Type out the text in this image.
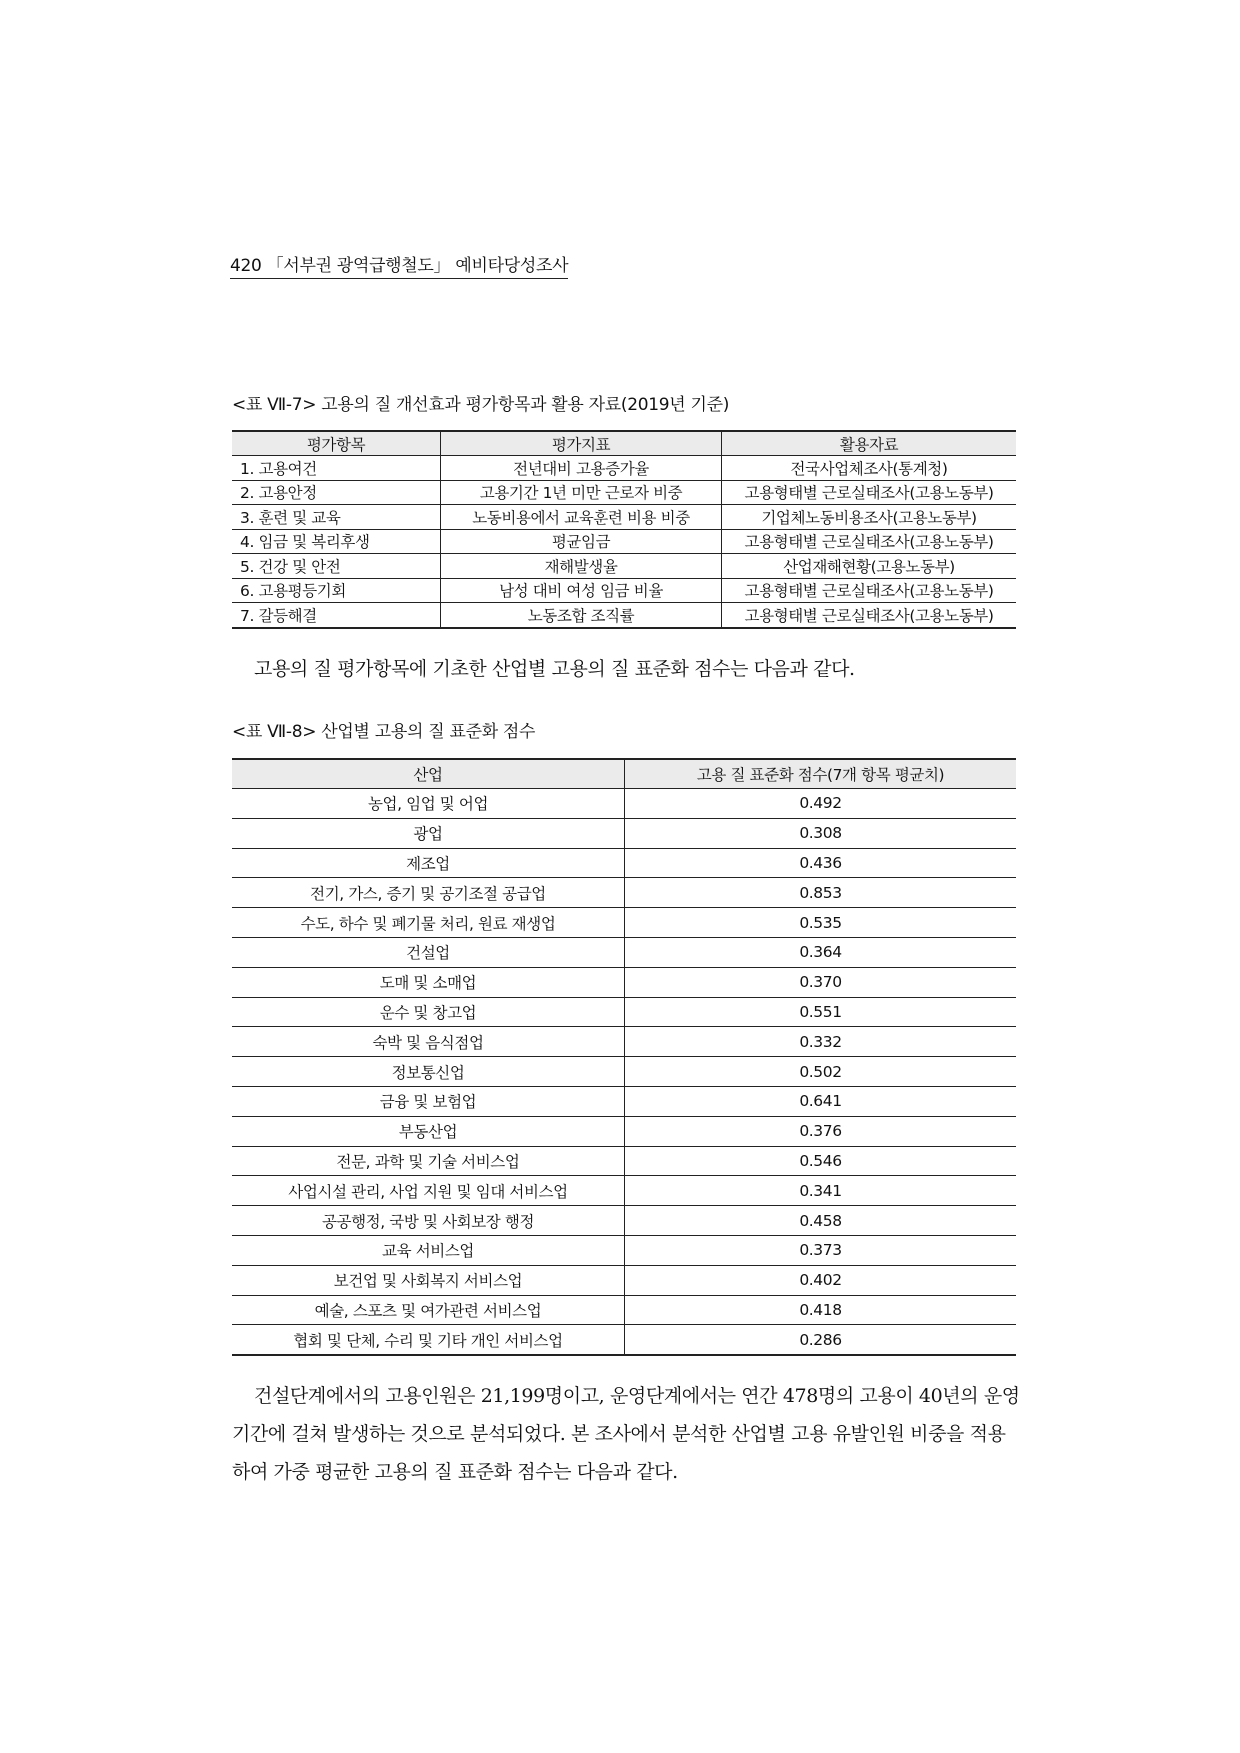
420 「서부권 광역급행철도」 예비타당성조사
<표 Ⅶ-7> 고용의 질 개선효과 평가항목과 활용 자료(2019년 기준)
평가항목	평가지표	활용자료
1. 고용여건	전년대비 고용증가율	전국사업체조사(통계청)
2. 고용안정	고용기간 1년 미만 근로자 비중	고용형태별 근로실태조사(고용노동부)
3. 훈련 및 교육	노동비용에서 교육훈련 비용 비중	기업체노동비용조사(고용노동부)
4. 임금 및 복리후생	평균임금	고용형태별 근로실태조사(고용노동부)
5. 건강 및 안전	재해발생율	산업재해현황(고용노동부)
6. 고용평등기회	남성 대비 여성 임금 비율	고용형태별 근로실태조사(고용노동부)
7. 갈등해결	노동조합 조직률	고용형태별 근로실태조사(고용노동부)
고용의 질 평가항목에 기초한 산업별 고용의 질 표준화 점수는 다음과 같다.
<표 Ⅶ-8> 산업별 고용의 질 표준화 점수
산업	고용 질 표준화 점수(7개 항목 평균치)
농업, 임업 및 어업	0.492
광업	0.308
제조업	0.436
전기, 가스, 증기 및 공기조절 공급업	0.853
수도, 하수 및 폐기물 처리, 원료 재생업	0.535
건설업	0.364
도매 및 소매업	0.370
운수 및 창고업	0.551
숙박 및 음식점업	0.332
정보통신업	0.502
금융 및 보험업	0.641
부동산업	0.376
전문, 과학 및 기술 서비스업	0.546
사업시설 관리, 사업 지원 및 임대 서비스업	0.341
공공행정, 국방 및 사회보장 행정	0.458
교육 서비스업	0.373
보건업 및 사회복지 서비스업	0.402
예술, 스포츠 및 여가관련 서비스업	0.418
협회 및 단체, 수리 및 기타 개인 서비스업	0.286
건설단계에서의 고용인원은 21,199명이고, 운영단계에서는 연간 478명의 고용이 40년의 운영기간에 걸쳐 발생하는 것으로 분석되었다. 본 조사에서 분석한 산업별 고용 유발인원 비중을 적용하여 가중 평균한 고용의 질 표준화 점수는 다음과 같다.
